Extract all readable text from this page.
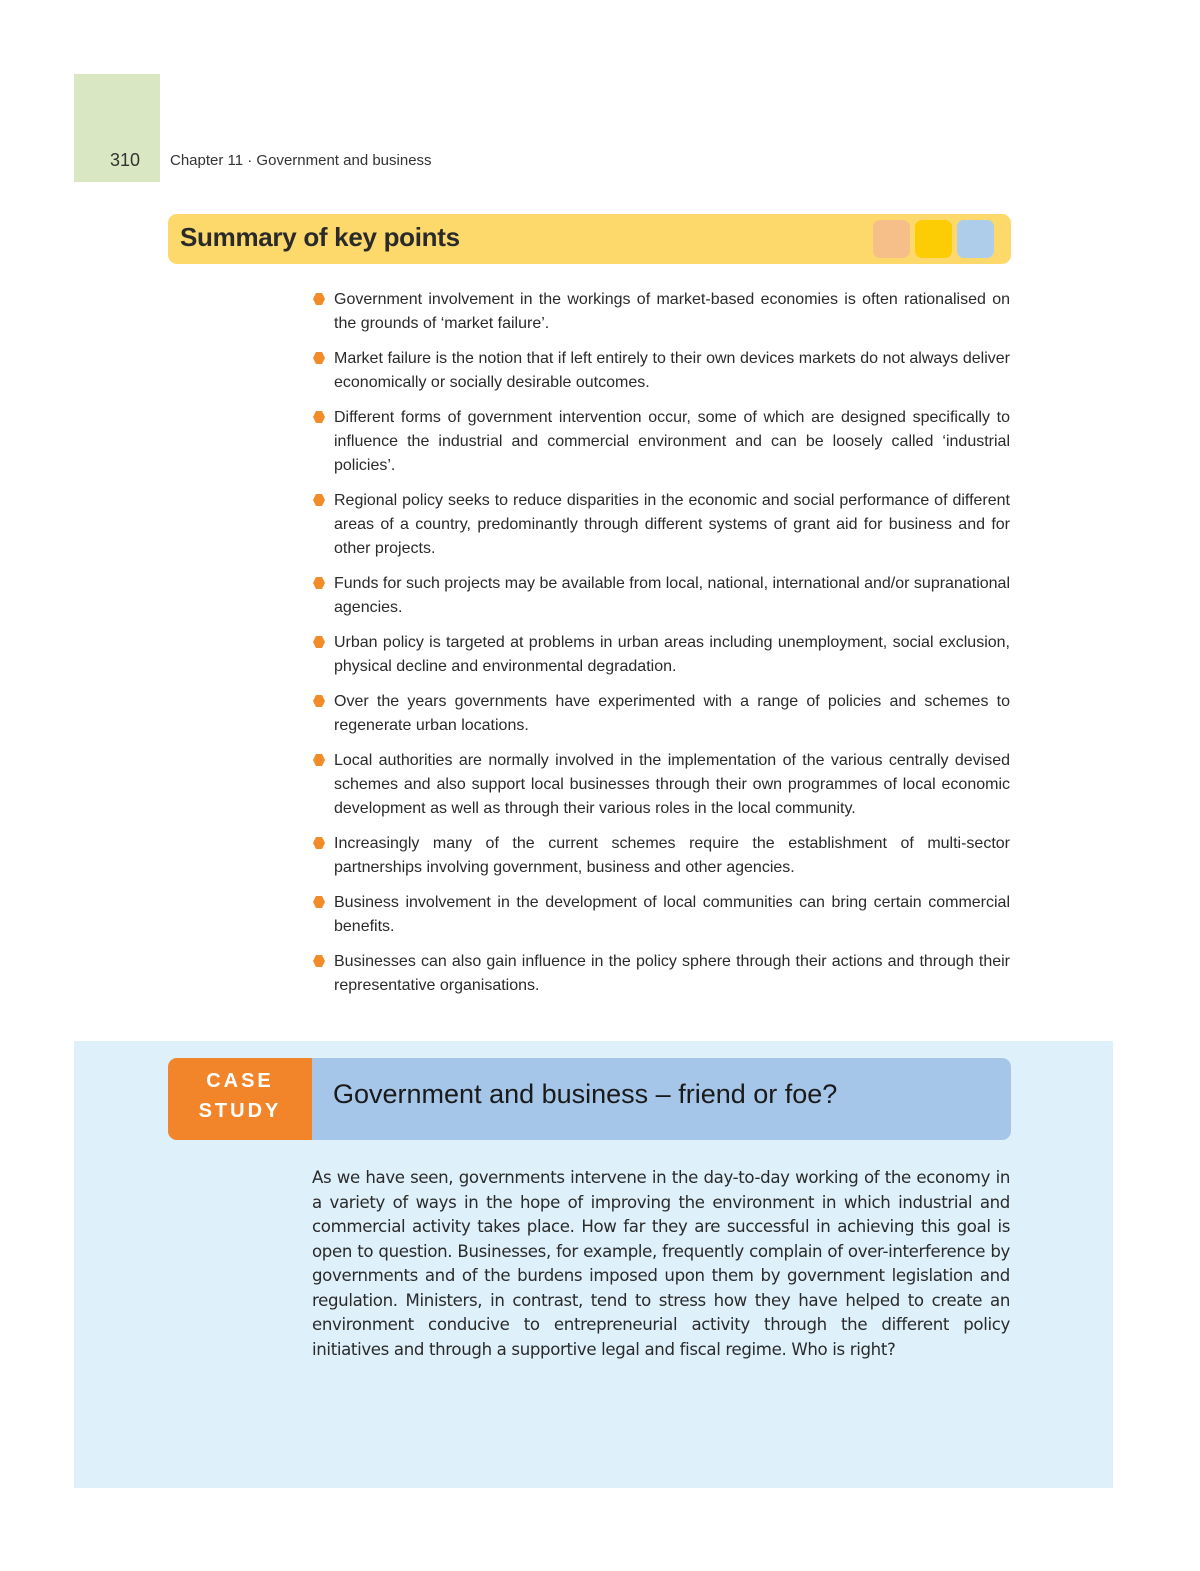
310 Chapter 11 · Government and business
Summary of key points
Government involvement in the workings of market-based economies is often rationalised on the grounds of ‘market failure’.
Market failure is the notion that if left entirely to their own devices markets do not always deliver economically or socially desirable outcomes.
Different forms of government intervention occur, some of which are designed specifically to influence the industrial and commercial environment and can be loosely called ‘industrial policies’.
Regional policy seeks to reduce disparities in the economic and social performance of different areas of a country, predominantly through different systems of grant aid for business and for other projects.
Funds for such projects may be available from local, national, international and/or supranational agencies.
Urban policy is targeted at problems in urban areas including unemployment, social exclusion, physical decline and environmental degradation.
Over the years governments have experimented with a range of policies and schemes to regenerate urban locations.
Local authorities are normally involved in the implementation of the various centrally devised schemes and also support local businesses through their own programmes of local economic development as well as through their various roles in the local community.
Increasingly many of the current schemes require the establishment of multi-sector partnerships involving government, business and other agencies.
Business involvement in the development of local communities can bring certain commercial benefits.
Businesses can also gain influence in the policy sphere through their actions and through their representative organisations.
CASE
STUDY
Government and business – friend or foe?

As we have seen, governments intervene in the day-to-day working of the economy in a variety of ways in the hope of improving the environment in which industrial and commercial activity takes place. How far they are successful in achieving this goal is open to question. Businesses, for example, frequently complain of over-interference by governments and of the burdens imposed upon them by government legislation and regulation. Ministers, in contrast, tend to stress how they have helped to create an environment conducive to entrepreneurial activity through the different policy initiatives and through a supportive legal and fiscal regime. Who is right?
